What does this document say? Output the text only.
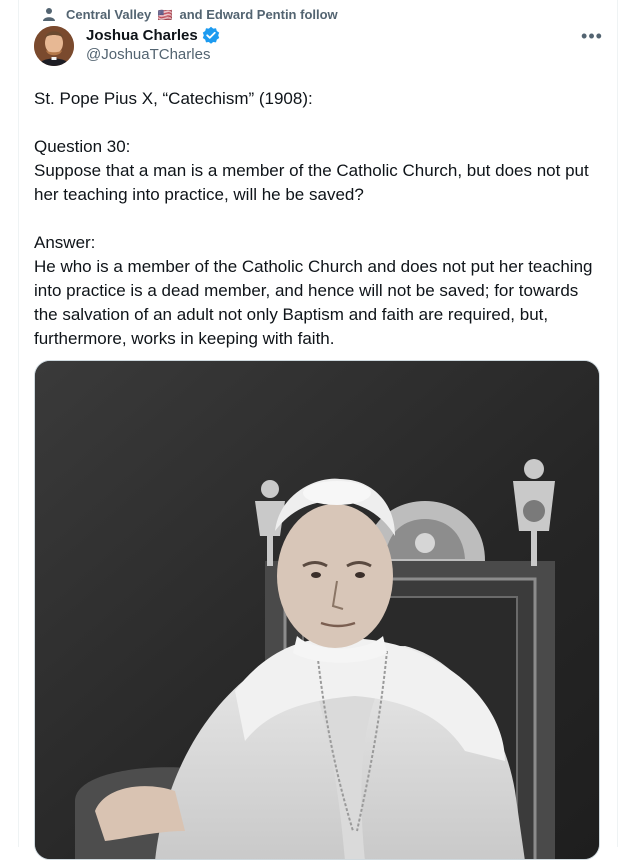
Central Valley 🇺🇸 and Edward Pentin follow
Joshua Charles
@JoshuaTCharles
•••

St. Pope Pius X, “Catechism” (1908):

Question 30:

Suppose that a man is a member of the Catholic Church, but does not put her teaching into practice, will he be saved?

Answer:

He who is a member of the Catholic Church and does not put her teaching into practice is a dead member, and hence will not be saved; for towards the salvation of an adult not only Baptism and faith are required, but, furthermore, works in keeping with faith.
